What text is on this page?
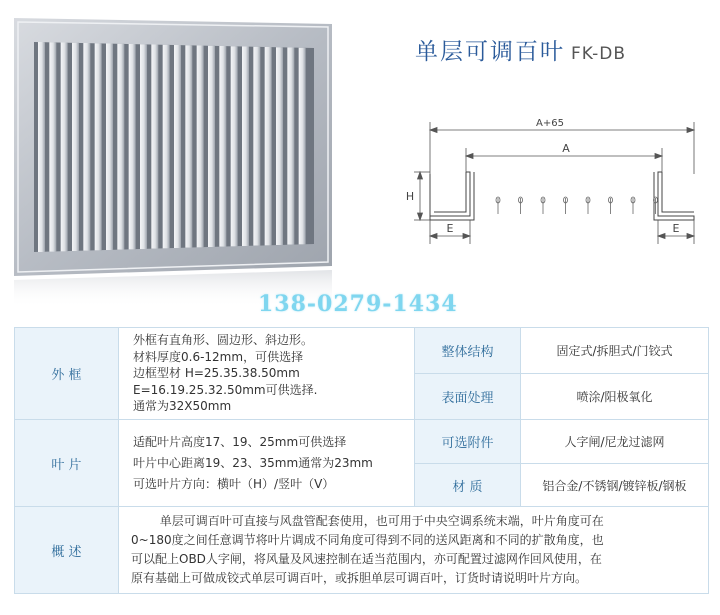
单层可调百叶 FK-DB
A+65
A
H
E	E
138-0279-1434
外 框	外框有直角形、圆边形、斜边形。
材料厚度0.6-12mm，可供选择
边框型材 H=25.35.38.50mm
E=16.19.25.32.50mm可供选择.
通常为32X50mm	整体结构	固定式/拆胆式/门铰式
		表面处理	喷涂/阳极氧化
叶 片	适配叶片高度17、19、25mm可供选择
叶片中心距离19、23、35mm通常为23mm
可选叶片方向：横叶（H）/竖叶（V）	可选附件	人字闸/尼龙过滤网
		材 质	铝合金/不锈钢/镀锌板/钢板
概 述	单层可调百叶可直接与风盘管配套使用，也可用于中央空调系统末端，叶片角度可在
0~180度之间任意调节将叶片调成不同角度可得到不同的送风距离和不同的扩散角度，也
可以配上OBD人字闸，将风量及风速控制在适当范围内，亦可配置过滤网作回风使用，在
原有基础上可做成铰式单层可调百叶，或拆胆单层可调百叶，订货时请说明叶片方向。		
